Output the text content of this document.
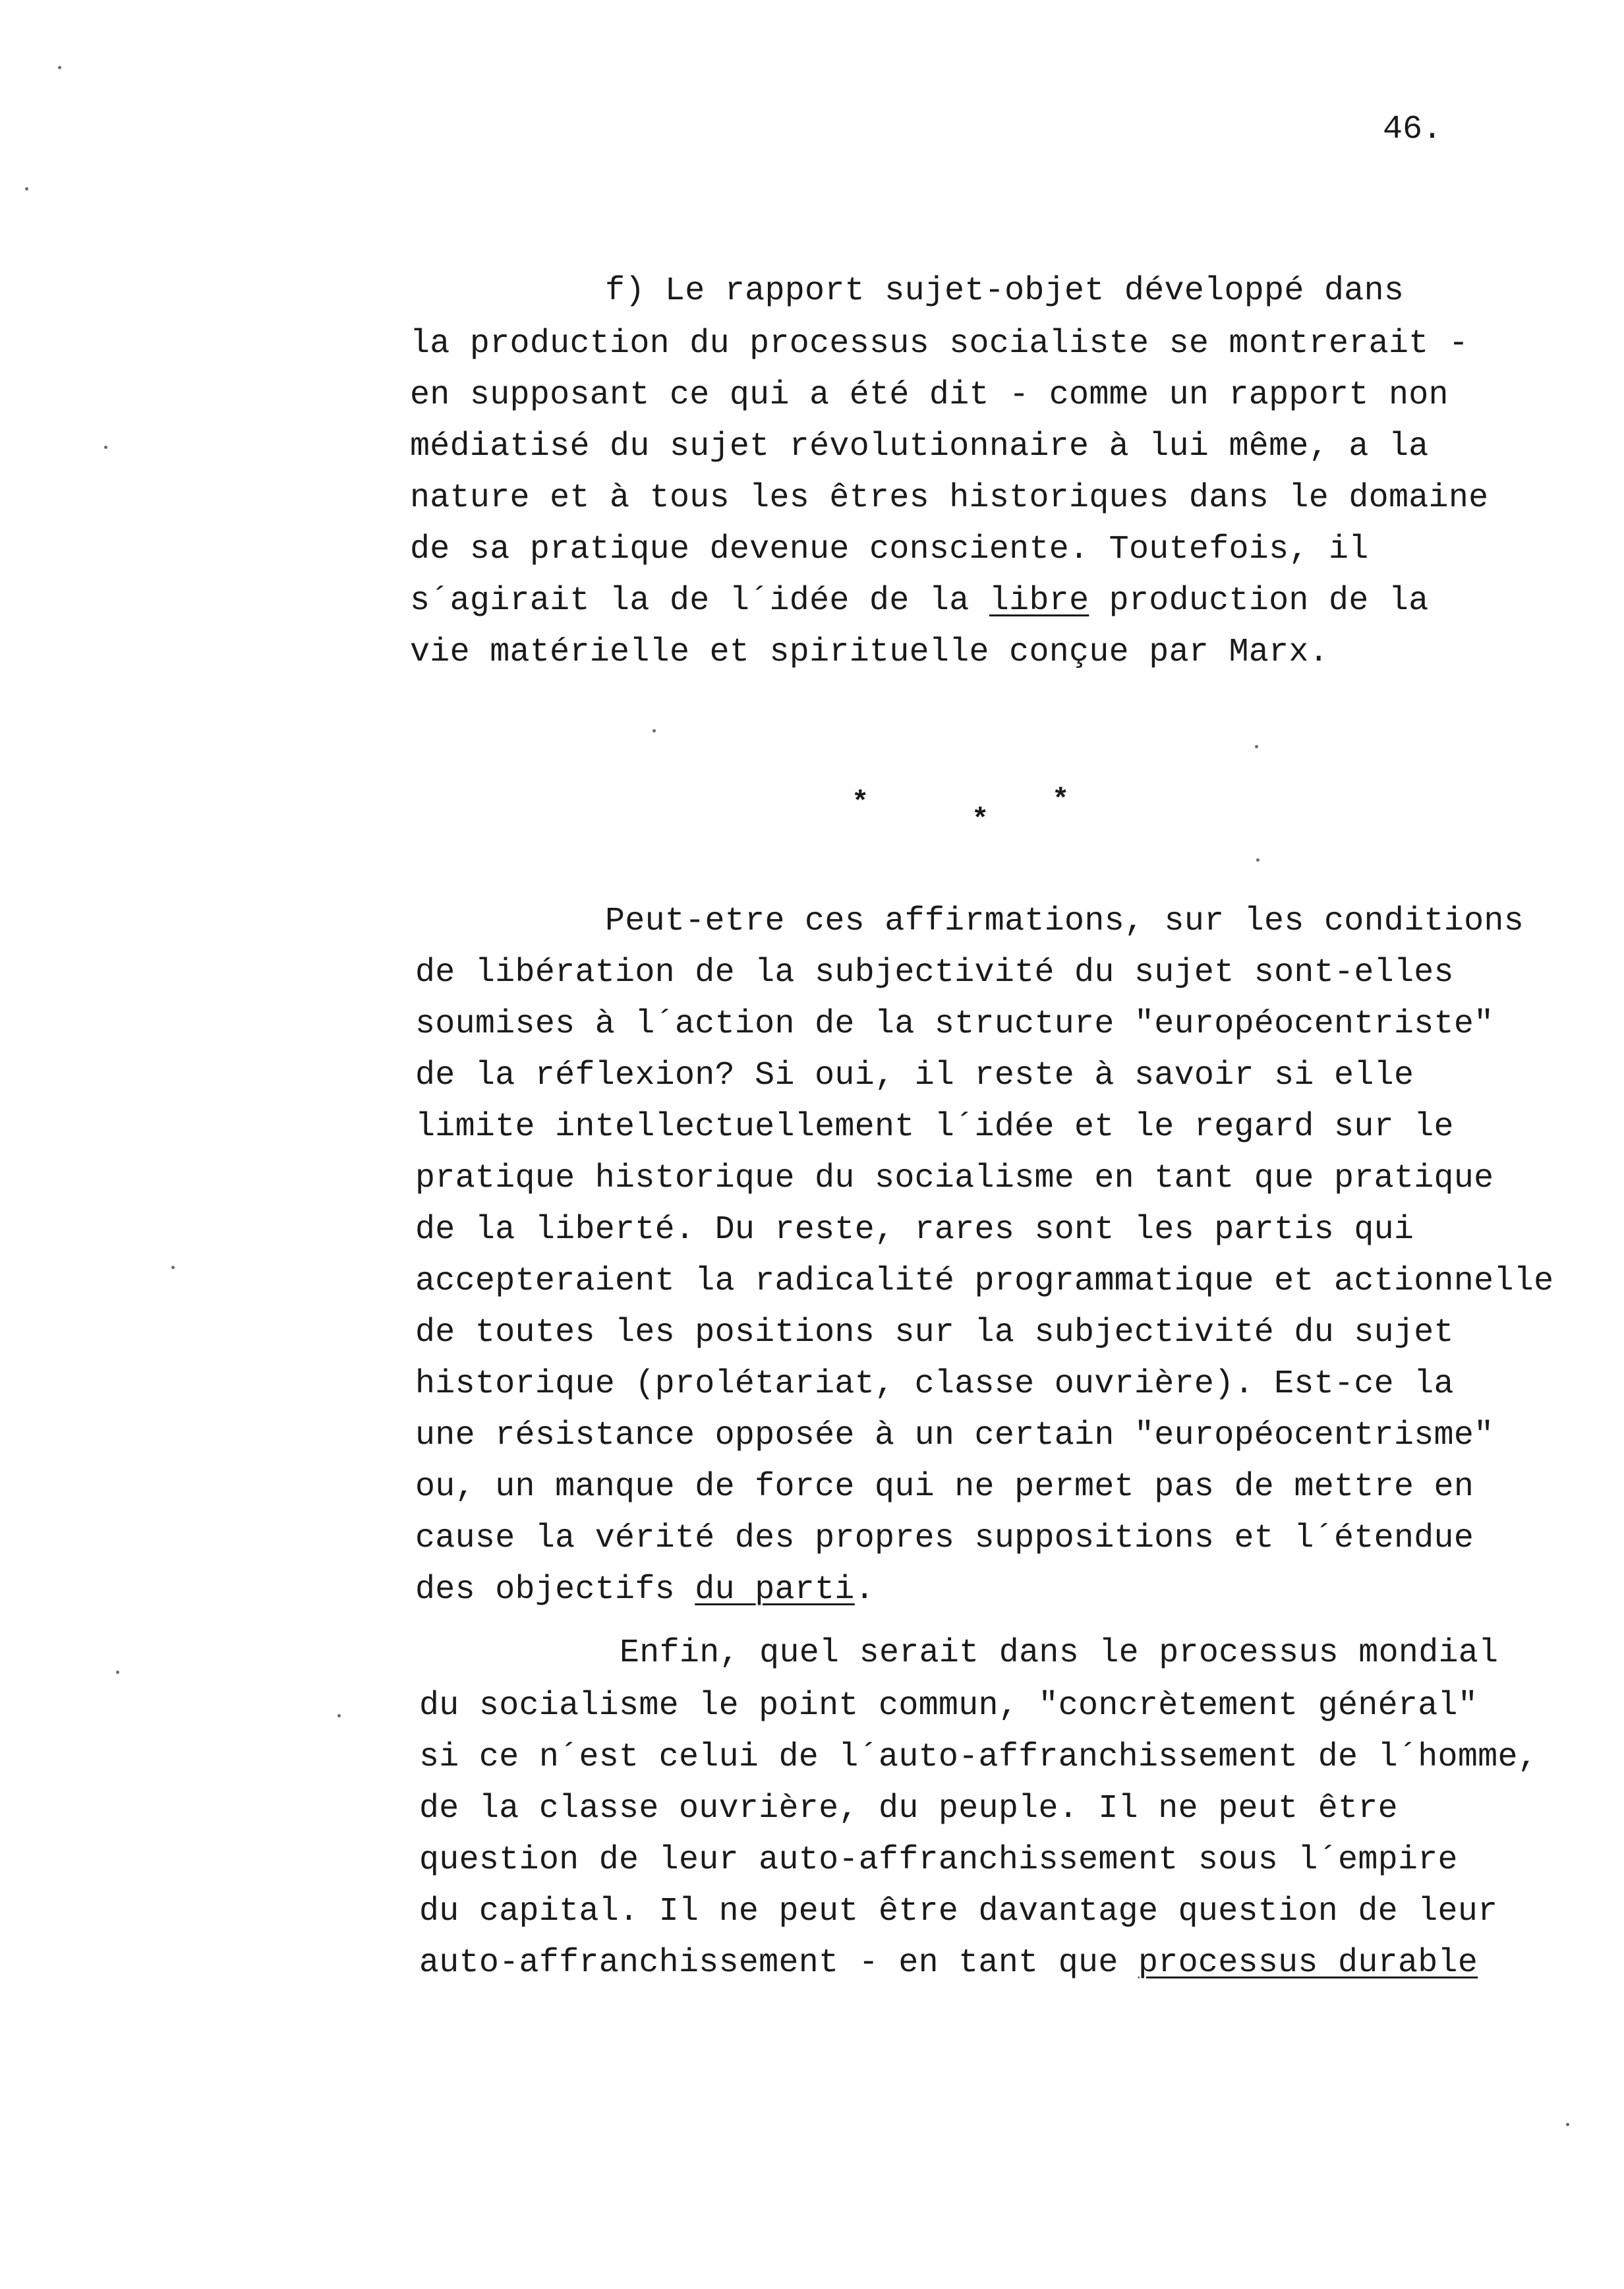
46.
f) Le rapport sujet-objet développé dans
la production du processus socialiste se montrerait -
en supposant ce qui a été dit - comme un rapport non
médiatisé du sujet révolutionnaire à lui même, a la
nature et à tous les êtres historiques dans le domaine
de sa pratique devenue consciente. Toutefois, il
s´agirait la de l´idée de la libre production de la
vie matérielle et spirituelle conçue par Marx.
*
*
*
Peut-etre ces affirmations, sur les conditions
de libération de la subjectivité du sujet sont-elles
soumises à l´action de la structure "européocentriste"
de la réflexion? Si oui, il reste à savoir si elle
limite intellectuellement l´idée et le regard sur le
pratique historique du socialisme en tant que pratique
de la liberté. Du reste, rares sont les partis qui
accepteraient la radicalité programmatique et actionnelle
de toutes les positions sur la subjectivité du sujet
historique (prolétariat, classe ouvrière). Est-ce la
une résistance opposée à un certain "européocentrisme"
ou, un manque de force qui ne permet pas de mettre en
cause la vérité des propres suppositions et l´étendue
des objectifs du parti.
Enfin, quel serait dans le processus mondial
du socialisme le point commun, "concrètement général"
si ce n´est celui de l´auto-affranchissement de l´homme,
de la classe ouvrière, du peuple. Il ne peut être
question de leur auto-affranchissement sous l´empire
du capital. Il ne peut être davantage question de leur
auto-affranchissement - en tant que processus durable
